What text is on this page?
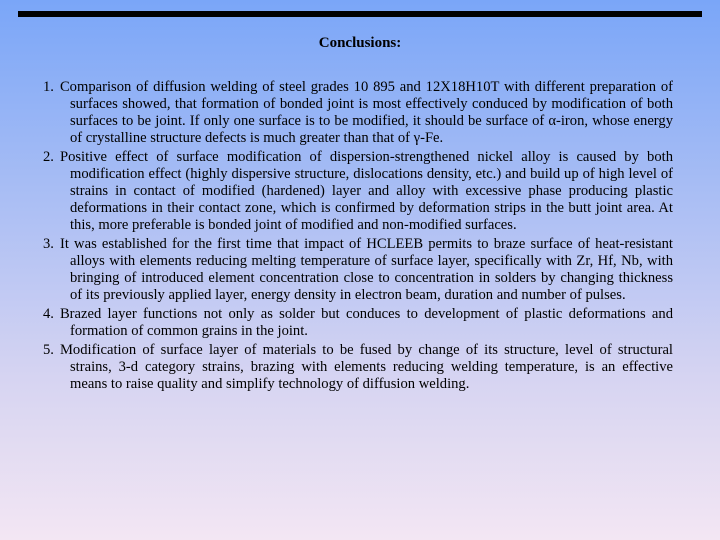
Conclusions:
1. Comparison of diffusion welding of steel grades 10 895 and 12X18H10T with different preparation of surfaces showed, that formation of bonded joint is most effectively conduced by modification of both surfaces to be joint. If only one surface is to be modified, it should be surface of α-iron, whose energy of crystalline structure defects is much greater than that of γ-Fe.
2. Positive effect of surface modification of dispersion-strengthened nickel alloy is caused by both modification effect (highly dispersive structure, dislocations density, etc.) and build up of high level of strains in contact of modified (hardened) layer and alloy with excessive phase producing plastic deformations in their contact zone, which is confirmed by deformation strips in the butt joint area. At this, more preferable is bonded joint of modified and non-modified surfaces.
3. It was established for the first time that impact of HCLEEB permits to braze surface of heat-resistant alloys with elements reducing melting temperature of surface layer, specifically with Zr, Hf, Nb, with bringing of introduced element concentration close to concentration in solders by changing thickness of its previously applied layer, energy density in electron beam, duration and number of pulses.
4. Brazed layer functions not only as solder but conduces to development of plastic deformations and formation of common grains in the joint.
5. Modification of surface layer of materials to be fused by change of its structure, level of structural strains, 3-d category strains, brazing with elements reducing welding temperature, is an effective means to raise quality and simplify technology of diffusion welding.
